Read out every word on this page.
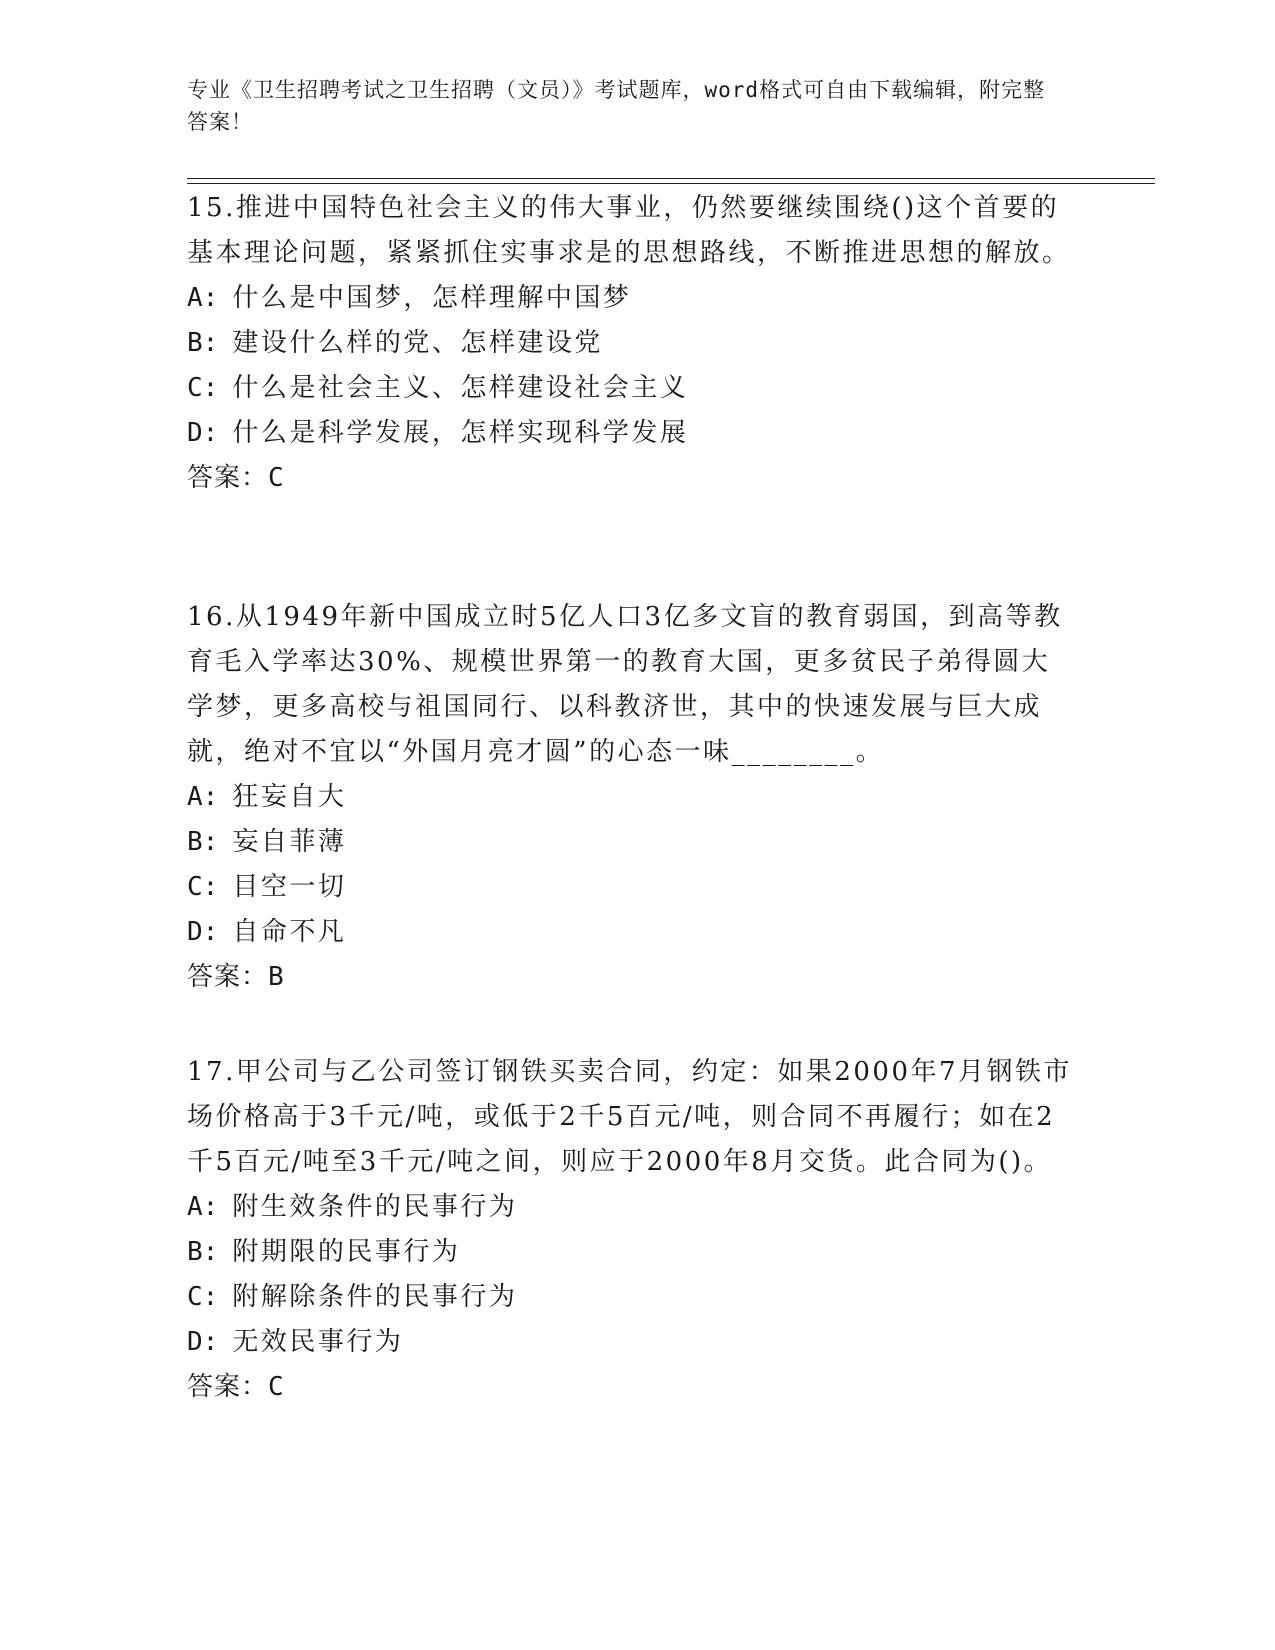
专业《卫生招聘考试之卫生招聘（文员）》考试题库，word格式可自由下载编辑，附完整答案！

15.推进中国特色社会主义的伟大事业，仍然要继续围绕()这个首要的基本理论问题，紧紧抓住实事求是的思想路线，不断推进思想的解放。

A: 什么是中国梦，怎样理解中国梦

B: 建设什么样的党、怎样建设党

C: 什么是社会主义、怎样建设社会主义

D: 什么是科学发展，怎样实现科学发展

答案：C

16.从1949年新中国成立时5亿人口3亿多文盲的教育弱国，到高等教育毛入学率达30%、规模世界第一的教育大国，更多贫民子弟得圆大学梦，更多高校与祖国同行、以科教济世，其中的快速发展与巨大成就，绝对不宜以“外国月亮才圆”的心态一味________。

A: 狂妄自大

B: 妄自菲薄

C: 目空一切

D: 自命不凡

答案：B

17.甲公司与乙公司签订钢铁买卖合同，约定：如果2000年7月钢铁市场价格高于3千元/吨，或低于2千5百元/吨，则合同不再履行；如在2千5百元/吨至3千元/吨之间，则应于2000年8月交货。此合同为()。

A: 附生效条件的民事行为

B: 附期限的民事行为

C: 附解除条件的民事行为

D: 无效民事行为

答案：C
